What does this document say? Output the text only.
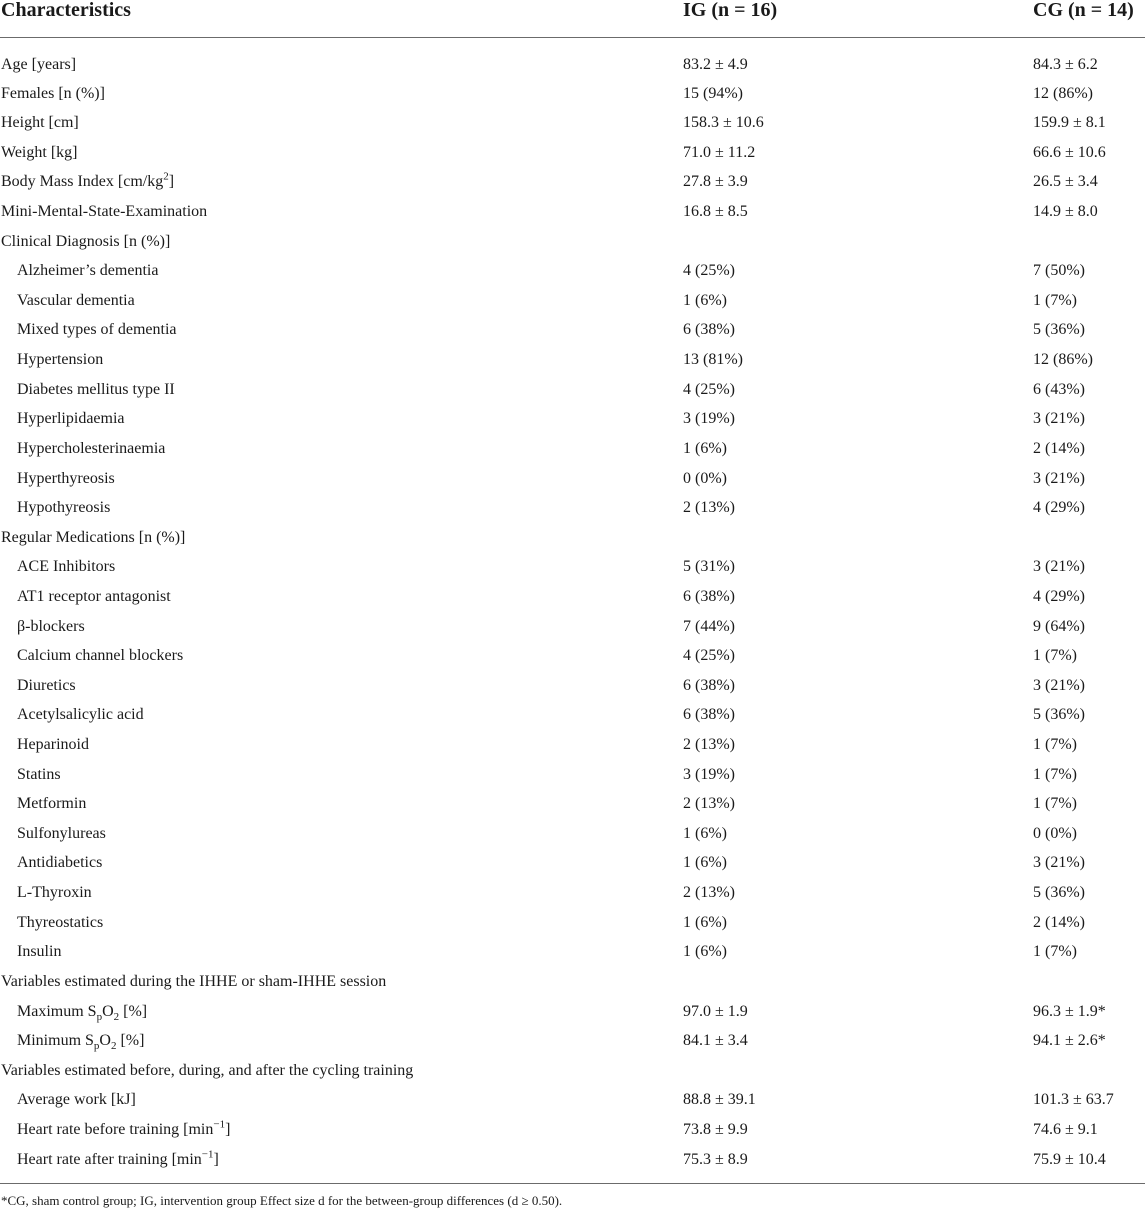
Characteristics	IG (n = 16)	CG (n = 14)
Age [years]	83.2 ± 4.9	84.3 ± 6.2
Females [n (%)]	15 (94%)	12 (86%)
Height [cm]	158.3 ± 10.6	159.9 ± 8.1
Weight [kg]	71.0 ± 11.2	66.6 ± 10.6
Body Mass Index $[cm/kg^2]$	27.8 ± 3.9	26.5 ± 3.4
Mini-Mental-State-Examination	16.8 ± 8.5	14.9 ± 8.0
Clinical Diagnosis [n (%)]
Alzheimer’s dementia	4 (25%)	7 (50%)
Vascular dementia	1 (6%)	1 (7%)
Mixed types of dementia	6 (38%)	5 (36%)
Hypertension	13 (81%)	12 (86%)
Diabetes mellitus type II	4 (25%)	6 (43%)
Hyperlipidaemia	3 (19%)	3 (21%)
Hypercholesterinaemia	1 (6%)	2 (14%)
Hyperthyreosis	0 (0%)	3 (21%)
Hypothyreosis	2 (13%)	4 (29%)
Regular Medications [n (%)]
ACE Inhibitors	5 (31%)	3 (21%)
AT1 receptor antagonist	6 (38%)	4 (29%)
β-blockers	7 (44%)	9 (64%)
Calcium channel blockers	4 (25%)	1 (7%)
Diuretics	6 (38%)	3 (21%)
Acetylsalicylic acid	6 (38%)	5 (36%)
Heparinoid	2 (13%)	1 (7%)
Statins	3 (19%)	1 (7%)
Metformin	2 (13%)	1 (7%)
Sulfonylureas	1 (6%)	0 (0%)
Antidiabetics	1 (6%)	3 (21%)
L-Thyroxin	2 (13%)	5 (36%)
Thyreostatics	1 (6%)	2 (14%)
Insulin	1 (6%)	1 (7%)
Variables estimated during the IHHE or sham-IHHE session
Maximum $S_pO_2$ [%]	97.0 ± 1.9	96.3 ± 1.9*
Minimum $S_pO_2$ [%]	84.1 ± 3.4	94.1 ± 2.6*
Variables estimated before, during, and after the cycling training
Average work [kJ]	88.8 ± 39.1	101.3 ± 63.7
Heart rate before training $[\min^{-1}]$	73.8 ± 9.9	74.6 ± 9.1
Heart rate after training $[\min^{-1}]$	75.3 ± 8.9	75.9 ± 10.4
*CG, sham control group; IG, intervention group Effect size d for the between-group differences (d ≥ 0.50).
